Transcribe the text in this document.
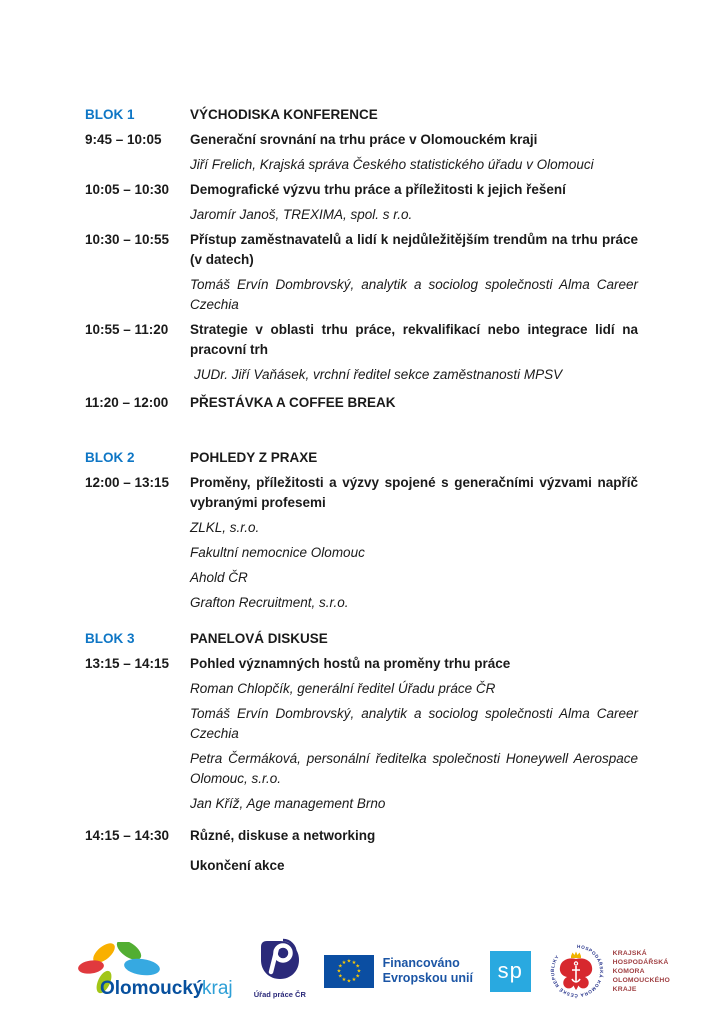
BLOK 1	VÝCHODISKA KONFERENCE
9:45 – 10:05	Generační srovnání na trhu práce v Olomouckém kraji
Jiří Frelich, Krajská správa Českého statistického úřadu v Olomouci
10:05 – 10:30	Demografické výzvu trhu práce a příležitosti k jejich řešení
Jaromír Janoš, TREXIMA, spol. s r.o.
10:30 – 10:55	Přístup zaměstnavatelů a lidí k nejdůležitějším trendům na trhu práce (v datech)
Tomáš Ervín Dombrovský, analytik a sociolog společnosti Alma Career Czechia
10:55 – 11:20	Strategie v oblasti trhu práce, rekvalifikací nebo integrace lidí na pracovní trh
JUDr. Jiří Vaňásek, vrchní ředitel sekce zaměstnanosti MPSV
11:20 – 12:00	PŘESTÁVKA A COFFEE BREAK
BLOK 2	POHLEDY Z PRAXE
12:00 – 13:15	Proměny, příležitosti a výzvy spojené s generačními výzvami napříč vybranými profesemi
ZLKL, s.r.o.
Fakultní nemocnice Olomouc
Ahold ČR
Grafton Recruitment, s.r.o.
BLOK 3	PANELOVÁ DISKUSE
13:15 – 14:15	Pohled významných hostů na proměny trhu práce
Roman Chlopčík, generální ředitel Úřadu práce ČR
Tomáš Ervín Dombrovský, analytik a sociolog společnosti Alma Career Czechia
Petra Čermáková, personální ředitelka společnosti Honeywell Aerospace Olomouc, s.r.o.
Jan Kříž, Age management Brno
14:15 – 14:30	Různé, diskuse a networking
Ukončení akce
Olomoucký
kraj	Úřad práce ČR
★ ★
★
★
★
★
★
★
★
★
★
★	Financováno
Evropskou unií sp
HOSPODÁŘSKÁ KOMORA ČESKÉ REPUBLIKY
KRAJSKÁ
HOSPODÁŘSKÁ
KOMORA
OLOMOUCKÉHO
KRAJE
